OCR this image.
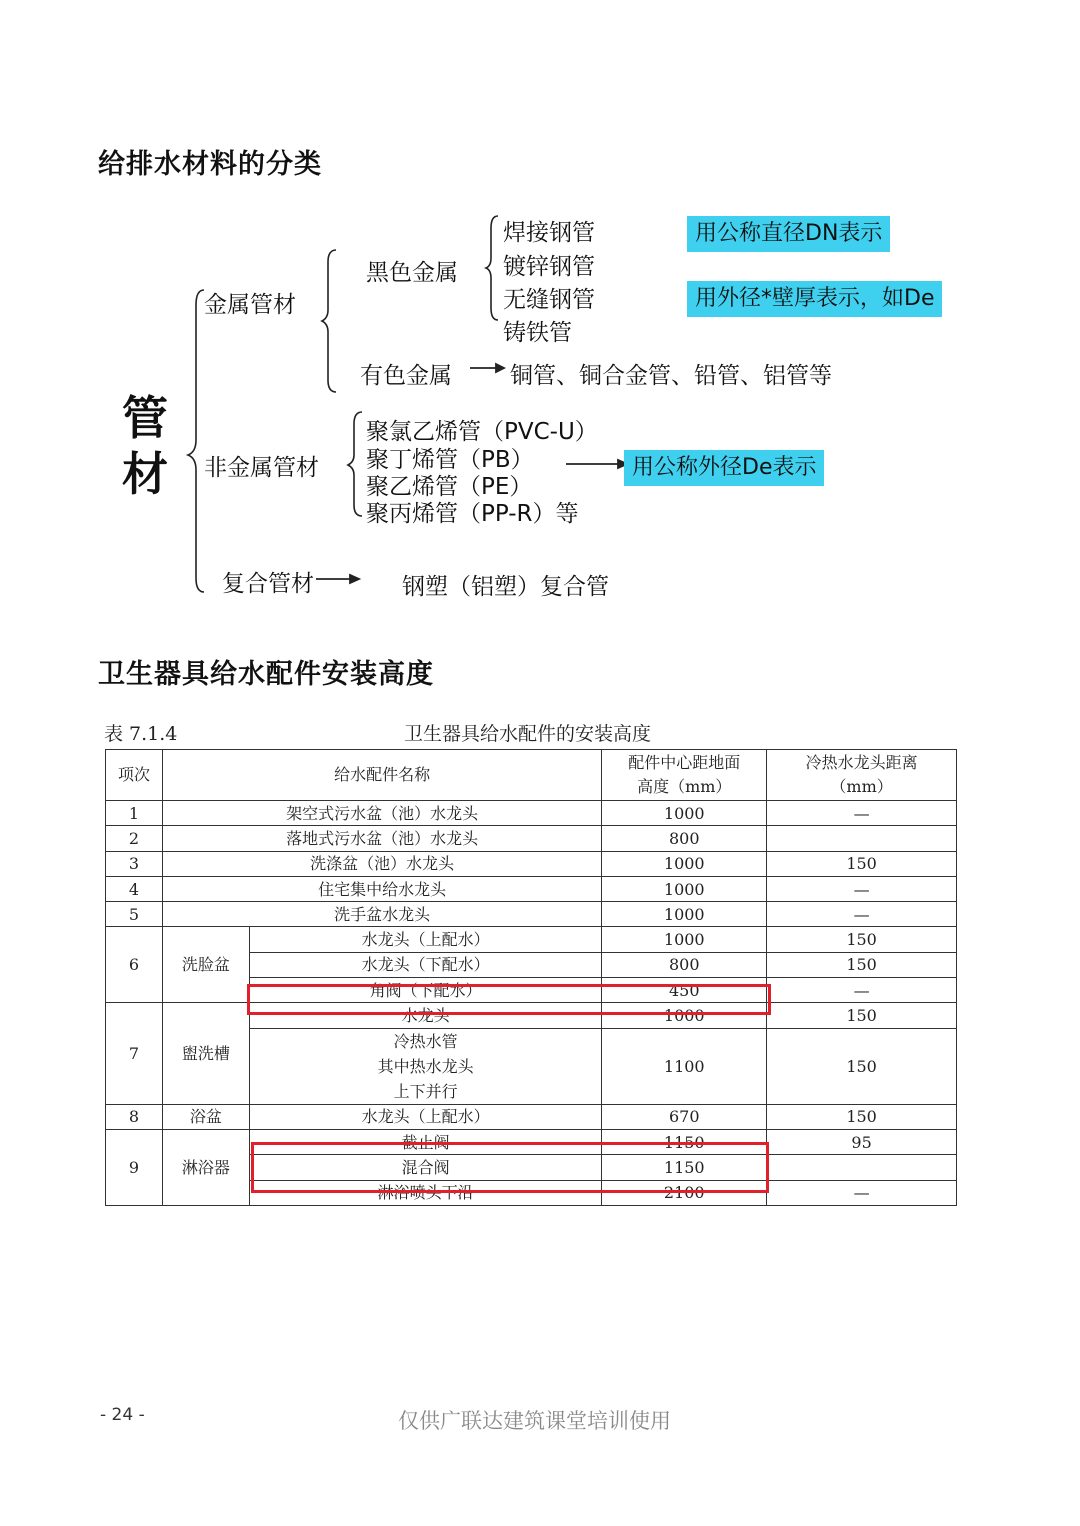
给排水材料的分类
管材
金属管材
黑色金属
焊接钢管
镀锌钢管
无缝钢管
铸铁管
用公称直径DN表示
用外径*壁厚表示，如De
有色金属	铜管、铜合金管、铅管、铝管等
非金属管材
聚氯乙烯管（PVC-U）
聚丁烯管（PB）
聚乙烯管（PE）
聚丙烯管（PP-R）等
用公称外径De表示
复合管材	钢塑（铝塑）复合管
卫生器具给水配件安装高度
表 7.1.4	卫生器具给水配件的安装高度
项次	给水配件名称		配件中心距地面
高度（mm）	冷热水龙头距离
（mm）
1	架空式污水盆（池）水龙头		1000	—
2	落地式污水盆（池）水龙头		800	
3	洗涤盆（池）水龙头		1000	150
4	住宅集中给水龙头		1000	—
5	洗手盆水龙头		1000	—
6	洗脸盆	水龙头（上配水）	1000	150
		水龙头（下配水）	800	150
		角阀（下配水）	450	—
7	盥洗槽	水龙头	1000	150
		冷热水管
其中热水龙头
上下并行	1100	150
8	浴盆	水龙头（上配水）	670	150
9	淋浴器	截止阀	1150	95
		混合阀	1150	
		淋浴喷头下沿	2100	—
- 24 -	仅供广联达建筑课堂培训使用
